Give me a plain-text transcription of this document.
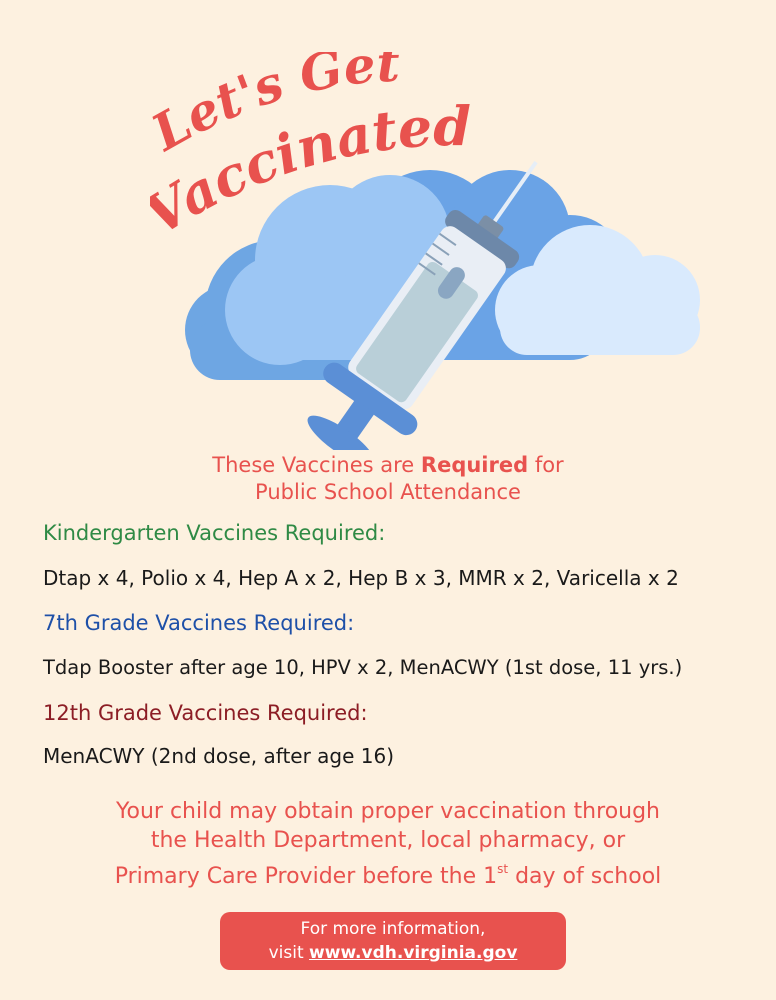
et's Get
accinated
These Vaccines are Required for
Public School Attendance
Kindergarten Vaccines Required:
Dtap x 4, Polio x 4, Hep A x 2, Hep B x 3, MMR x 2, Varicella x 2
7th Grade Vaccines Required:
Tdap Booster after age 10, HPV x 2, MenACWY (1st dose, 11 yrs.)
12th Grade Vaccines Required:
MenACWY (2nd dose, after age 16)
Your child may obtain proper vaccination through
the Health Department, local pharmacy, or
Primary Care Provider before the 1st day of school
For more information,
visit www.vdh.virginia.gov
